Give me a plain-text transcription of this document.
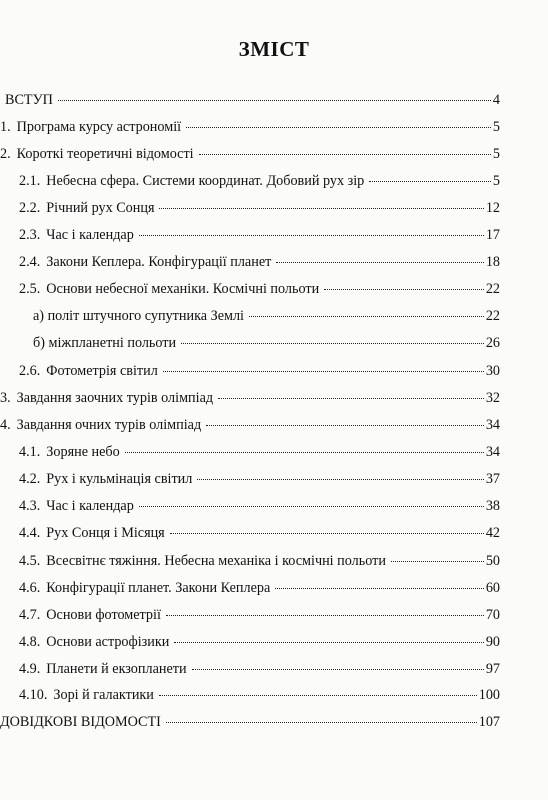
ЗМІСТ
ВСТУП	4
1. Програма курсу астрономії	5
2. Короткі теоретичні відомості	5
2.1. Небесна сфера. Системи координат. Добовий рух зір	5
2.2. Річний рух Сонця	12
2.3. Час і календар	17
2.4. Закони Кеплера. Конфігурації планет	18
2.5. Основи небесної механіки. Космічні польоти	22
а) політ штучного супутника Землі	22
б) міжпланетні польоти	26
2.6. Фотометрія світил	30
3. Завдання заочних турів олімпіад	32
4. Завдання очних турів олімпіад	34
4.1. Зоряне небо	34
4.2. Рух і кульмінація світил	37
4.3. Час і календар	38
4.4. Рух Сонця і Місяця	42
4.5. Всесвітнє тяжіння. Небесна механіка і космічні польоти	50
4.6. Конфігурації планет. Закони Кеплера	60
4.7. Основи фотометрії	70
4.8. Основи астрофізики	90
4.9. Планети й екзопланети	97
4.10. Зорі й галактики	100
ДОВІДКОВІ ВІДОМОСТІ	107
